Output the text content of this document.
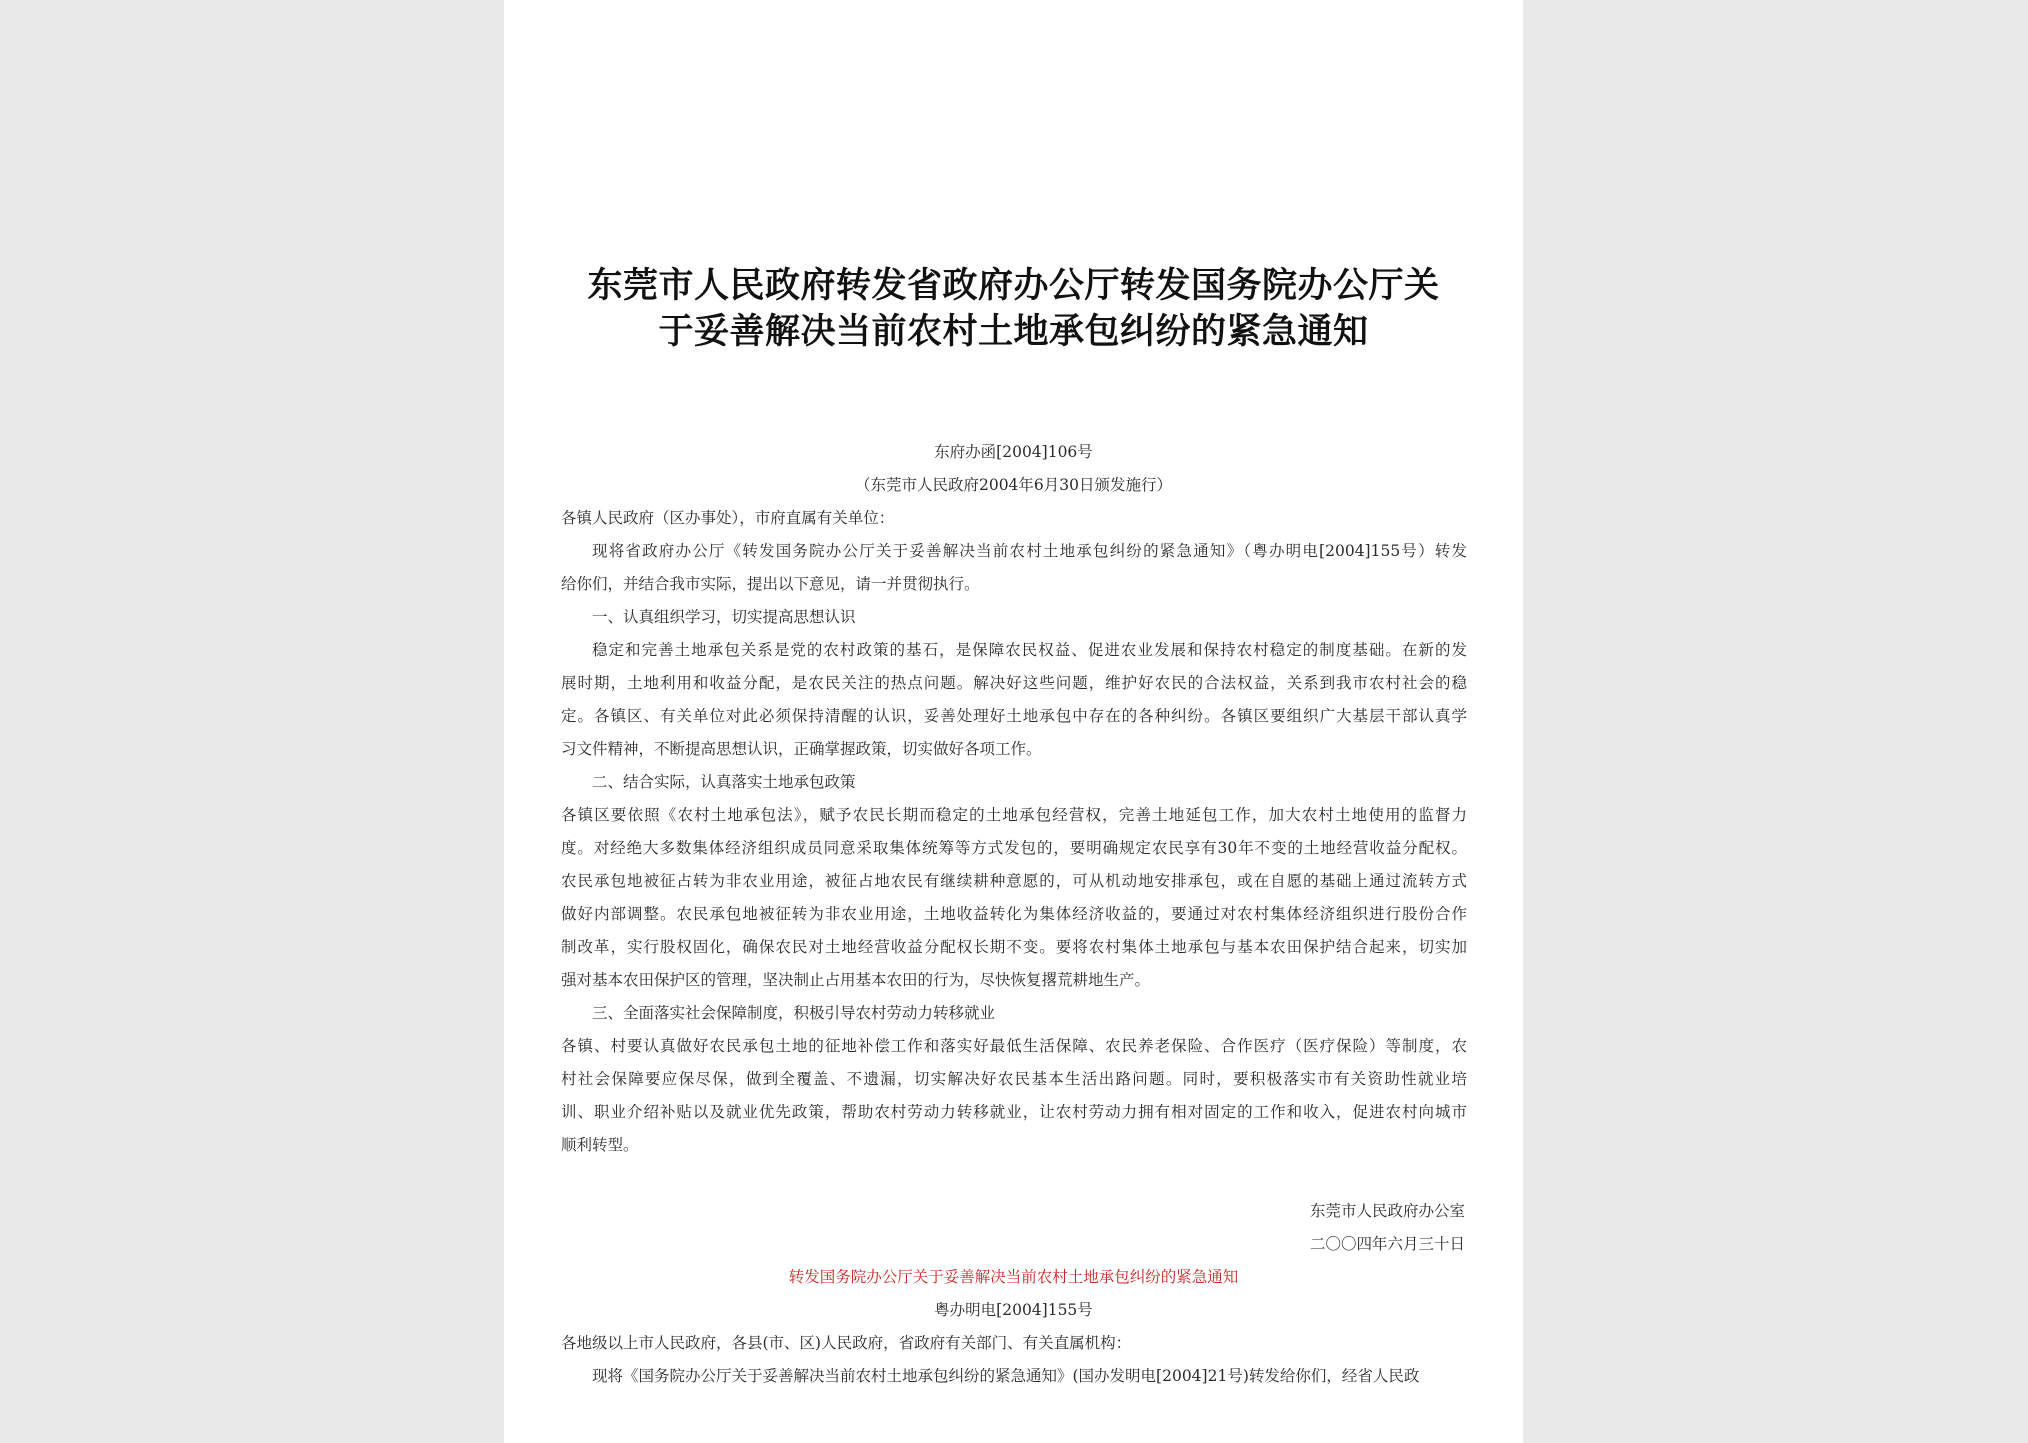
东莞市人民政府转发省政府办公厅转发国务院办公厅关
于妥善解决当前农村土地承包纠纷的紧急通知
东府办函[2004]106号
（东莞市人民政府2004年6月30日颁发施行）
各镇人民政府（区办事处），市府直属有关单位：
现将省政府办公厅《转发国务院办公厅关于妥善解决当前农村土地承包纠纷的紧急通知》（粤办明电[2004]155号）转发
给你们，并结合我市实际，提出以下意见，请一并贯彻执行。
一、认真组织学习，切实提高思想认识
稳定和完善土地承包关系是党的农村政策的基石，是保障农民权益、促进农业发展和保持农村稳定的制度基础。在新的发
展时期，土地利用和收益分配，是农民关注的热点问题。解决好这些问题，维护好农民的合法权益，关系到我市农村社会的稳
定。各镇区、有关单位对此必须保持清醒的认识，妥善处理好土地承包中存在的各种纠纷。各镇区要组织广大基层干部认真学
习文件精神，不断提高思想认识，正确掌握政策，切实做好各项工作。
二、结合实际，认真落实土地承包政策
各镇区要依照《农村土地承包法》，赋予农民长期而稳定的土地承包经营权，完善土地延包工作，加大农村土地使用的监督力
度。对经绝大多数集体经济组织成员同意采取集体统筹等方式发包的，要明确规定农民享有30年不变的土地经营收益分配权。
农民承包地被征占转为非农业用途，被征占地农民有继续耕种意愿的，可从机动地安排承包，或在自愿的基础上通过流转方式
做好内部调整。农民承包地被征转为非农业用途，土地收益转化为集体经济收益的，要通过对农村集体经济组织进行股份合作
制改革，实行股权固化，确保农民对土地经营收益分配权长期不变。要将农村集体土地承包与基本农田保护结合起来，切实加
强对基本农田保护区的管理，坚决制止占用基本农田的行为，尽快恢复撂荒耕地生产。
三、全面落实社会保障制度，积极引导农村劳动力转移就业
各镇、村要认真做好农民承包土地的征地补偿工作和落实好最低生活保障、农民养老保险、合作医疗（医疗保险）等制度，农
村社会保障要应保尽保，做到全覆盖、不遗漏，切实解决好农民基本生活出路问题。同时，要积极落实市有关资助性就业培
训、职业介绍补贴以及就业优先政策，帮助农村劳动力转移就业，让农村劳动力拥有相对固定的工作和收入，促进农村向城市
顺利转型。
东莞市人民政府办公室
二〇〇四年六月三十日
转发国务院办公厅关于妥善解决当前农村土地承包纠纷的紧急通知
粤办明电[2004]155号
各地级以上市人民政府，各县(市、区)人民政府，省政府有关部门、有关直属机构：
现将《国务院办公厅关于妥善解决当前农村土地承包纠纷的紧急通知》(国办发明电[2004]21号)转发给你们，经省人民政
